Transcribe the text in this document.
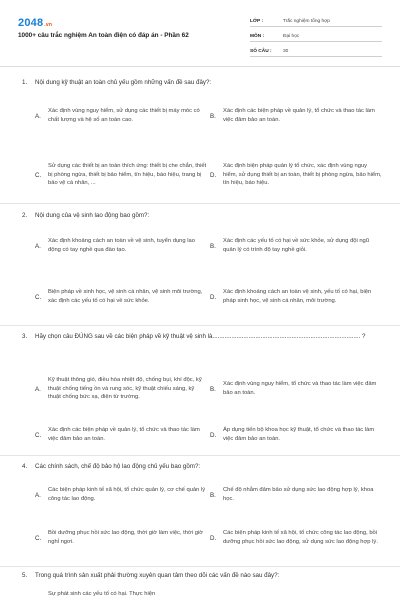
2048.vn
1000+ câu trắc nghiệm An toàn điện có đáp án - Phần 62
LỚP :	Trắc nghiệm tổng hợp
MÔN :	Đại học
SỐ CÂU :	30
1.	Nội dung kỹ thuật an toàn chủ yếu gồm những vấn đề sau đây?:
A.
Xác định vùng nguy hiểm, sử dụng các thiết bị máy móc có chất lượng và hệ số an toàn cao.
B.
Xác định các biện pháp về quản lý, tổ chức và thao tác làm việc đảm bảo an toàn.
C.
Sử dụng các thiết bị an toàn thích ứng: thiết bị che chắn, thiết bị phòng ngừa, thiết bị bảo hiểm, tín hiệu, báo hiệu, trang bị bảo vệ cá nhân, ...
D.
Xác định biện pháp quản lý tổ chức, xác định vùng nguy hiểm, sử dụng thiết bị an toàn, thiết bị phòng ngừa, bảo hiểm, tín hiệu, báo hiệu.
2.	Nội dung của vệ sinh lao động bao gồm?:
A.
Xác định khoảng cách an toàn về vệ sinh, tuyển dụng lao động có tay nghề qua đào tạo.
B.
Xác định các yếu tố có hại về sức khỏe, sử dụng đội ngũ quản lý có trình độ tay nghề giỏi.
C.
Biện pháp về sinh học, vệ sinh cá nhân, vệ sinh môi trường, xác định các yếu tố có hại về sức khỏe.
D.
Xác định khoảng cách an toàn vệ sinh, yếu tố có hại, biện pháp sinh học, vệ sinh cá nhân, môi trường.
3.	Hãy chọn câu ĐÚNG sau về các biện pháp về kỹ thuật vệ sinh là...................................................................................... ?
A.
Kỹ thuật thông gió, điều hòa nhiệt độ, chống bụi, khí độc, kỹ thuật chống tiếng ồn và rung sóc, kỹ thuật chiếu sáng, kỹ thuật chống bức xạ, điện từ trường.
B.
Xác định vùng nguy hiểm, tổ chức và thao tác làm việc đảm bảo an toàn.
C.
Xác định các biện pháp về quản lý, tổ chức và thao tác làm việc đảm bảo an toàn.
D.
Áp dụng tiến bộ khoa học kỹ thuật, tổ chức và thao tác làm việc đảm bảo an toàn.
4.	Các chính sách, chế độ bảo hộ lao động chủ yếu bao gồm?:
A.
Các biện pháp kinh tế xã hội, tổ chức quản lý, cơ chế quản lý công tác lao động.
B.
Chế độ nhằm đảm bảo sử dụng sức lao động hợp lý, khoa học.
C.
Bồi dưỡng phục hồi sức lao động, thời giờ làm việc, thời giờ nghỉ ngơi.
D.
Các biện pháp kinh tế xã hội, tổ chức công tác lao động, bồi dưỡng phục hồi sức lao động, sử dụng sức lao động hợp lý.
5.	Trong quá trình sản xuất phải thường xuyên quan tâm theo dõi các vấn đề nào sau đây?:
Sự phát sinh các yếu tố có hại. Thực hiện
